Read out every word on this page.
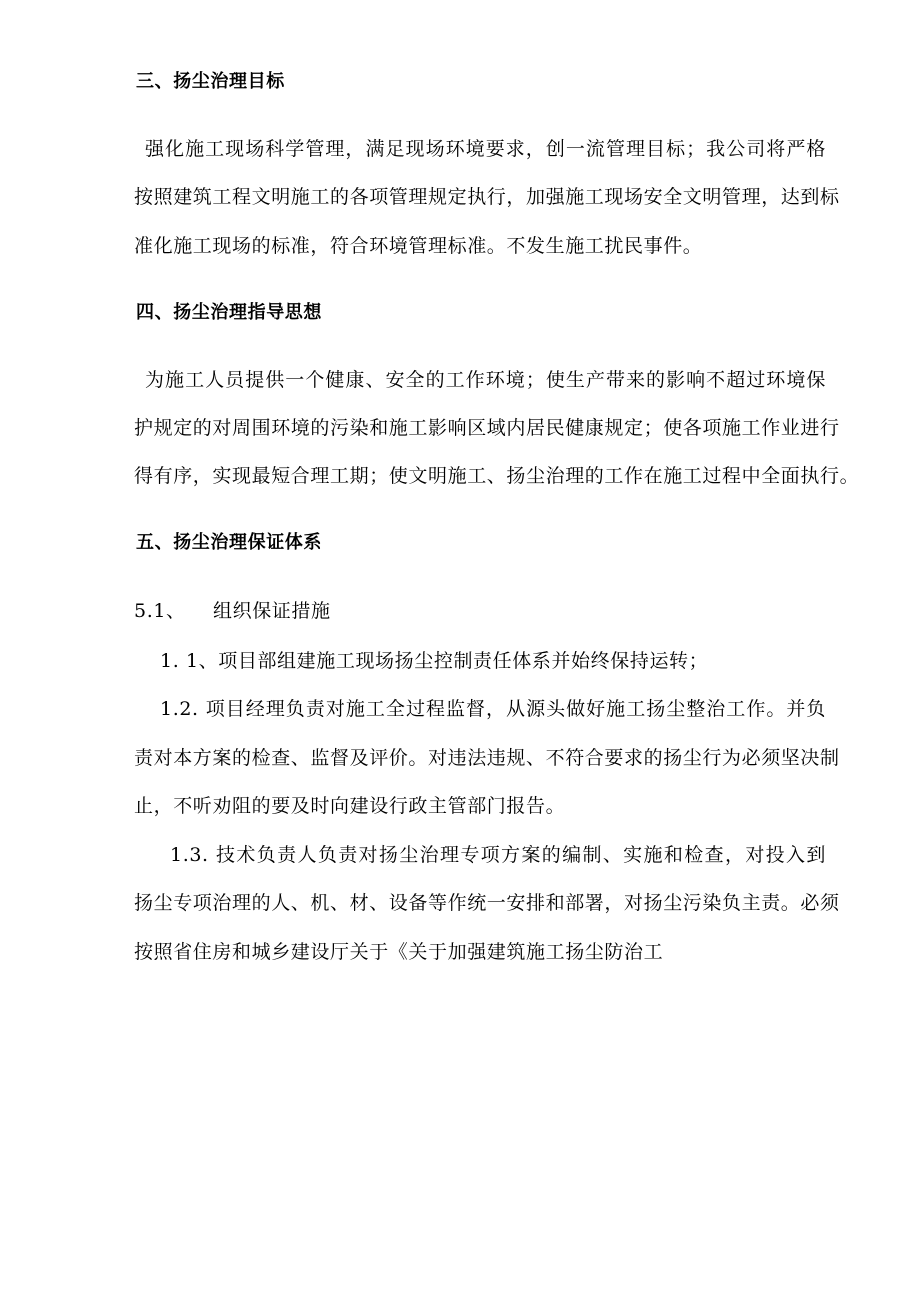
三、扬尘治理目标
强化施工现场科学管理，满足现场环境要求，创一流管理目标；我公司将严格
按照建筑工程文明施工的各项管理规定执行，加强施工现场安全文明管理，达到标
准化施工现场的标准，符合环境管理标准。不发生施工扰民事件。
四、扬尘治理指导思想
为施工人员提供一个健康、安全的工作环境；使生产带来的影响不超过环境保
护规定的对周围环境的污染和施工影响区域内居民健康规定；使各项施工作业进行
得有序，实现最短合理工期；使文明施工、扬尘治理的工作在施工过程中全面执行。
五、扬尘治理保证体系
5.1、 组织保证措施
1. 1、项目部组建施工现场扬尘控制责任体系并始终保持运转；
1.2. 项目经理负责对施工全过程监督，从源头做好施工扬尘整治工作。并负
责对本方案的检查、监督及评价。对违法违规、不符合要求的扬尘行为必须坚决制
止，不听劝阻的要及时向建设行政主管部门报告。
1.3. 技术负责人负责对扬尘治理专项方案的编制、实施和检查，对投入到
扬尘专项治理的人、机、材、设备等作统一安排和部署，对扬尘污染负主责。必须
按照省住房和城乡建设厅关于《关于加强建筑施工扬尘防治工
